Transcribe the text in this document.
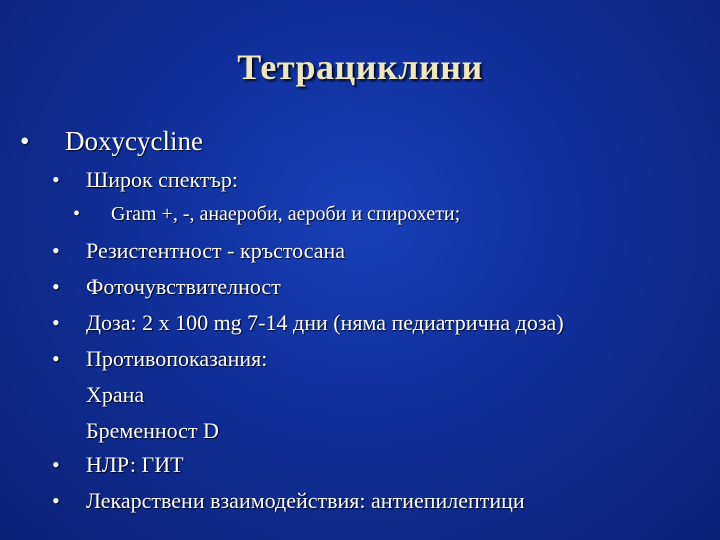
Тетрациклини
• Doxycycline
• Широк спектър:
• Gram +, -, анаероби, аероби и спирохети;
• Резистентност - кръстосана
• Фоточувствителност
• Доза: 2 х 100 mg 7-14 дни (няма педиатрична доза)
• Противопоказания:
Храна
Бременност D
• НЛР: ГИТ
• Лекарствени взаимодействия: антиепилептици
